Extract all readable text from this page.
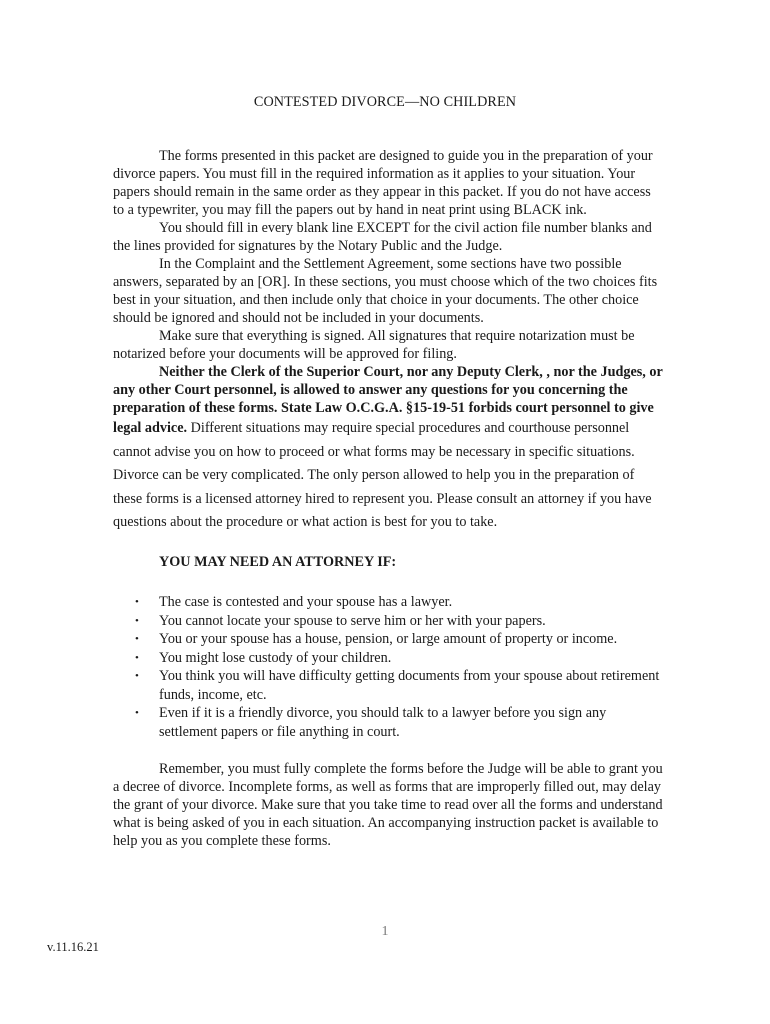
CONTESTED DIVORCE—NO CHILDREN

The forms presented in this packet are designed to guide you in the preparation of your divorce papers. You must fill in the required information as it applies to your situation. Your papers should remain in the same order as they appear in this packet. If you do not have access to a typewriter, you may fill the papers out by hand in neat print using BLACK ink.

You should fill in every blank line EXCEPT for the civil action file number blanks and the lines provided for signatures by the Notary Public and the Judge.

In the Complaint and the Settlement Agreement, some sections have two possible answers, separated by an [OR]. In these sections, you must choose which of the two choices fits best in your situation, and then include only that choice in your documents. The other choice should be ignored and should not be included in your documents.

Make sure that everything is signed. All signatures that require notarization must be notarized before your documents will be approved for filing.

Neither the Clerk of the Superior Court, nor any Deputy Clerk, , nor the Judges, or any other Court personnel, is allowed to answer any questions for you concerning the preparation of these forms. State Law O.C.G.A. §15-19-51 forbids court personnel to give legal advice. Different situations may require special procedures and courthouse personnel cannot advise you on how to proceed or what forms may be necessary in specific situations. Divorce can be very complicated. The only person allowed to help you in the preparation of these forms is a licensed attorney hired to represent you. Please consult an attorney if you have questions about the procedure or what action is best for you to take.

YOU MAY NEED AN ATTORNEY IF:
• The case is contested and your spouse has a lawyer.
• You cannot locate your spouse to serve him or her with your papers.
• You or your spouse has a house, pension, or large amount of property or income.
• You might lose custody of your children.
• You think you will have difficulty getting documents from your spouse about retirement funds, income, etc.
• Even if it is a friendly divorce, you should talk to a lawyer before you sign any settlement papers or file anything in court.

Remember, you must fully complete the forms before the Judge will be able to grant you a decree of divorce. Incomplete forms, as well as forms that are improperly filled out, may delay the grant of your divorce. Make sure that you take time to read over all the forms and understand what is being asked of you in each situation. An accompanying instruction packet is available to help you as you complete these forms.

1
v.11.16.21
